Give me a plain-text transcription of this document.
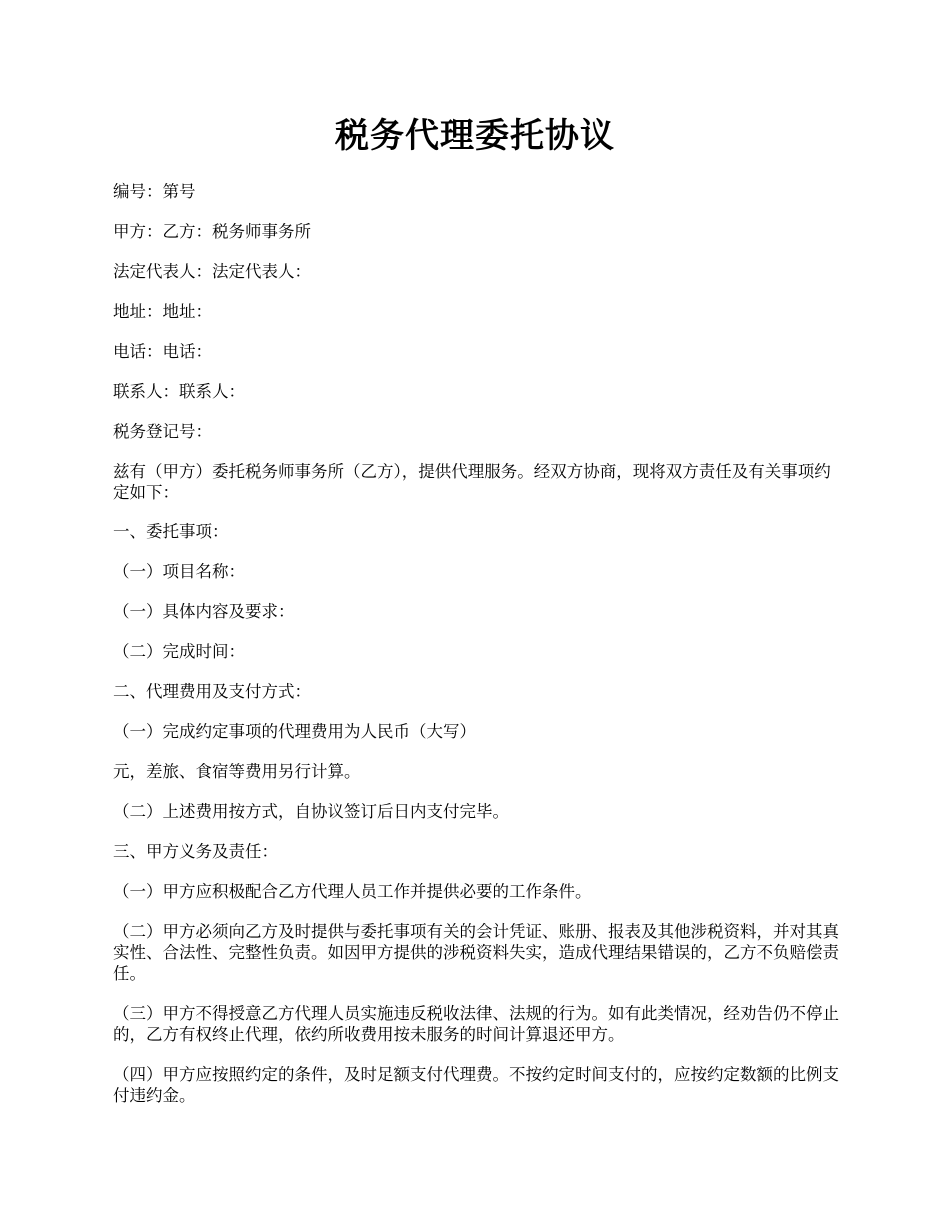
税务代理委托协议
编号：第号
甲方：乙方：税务师事务所
法定代表人：法定代表人：
地址：地址：
电话：电话：
联系人：联系人：
税务登记号：
兹有（甲方）委托税务师事务所（乙方），提供代理服务。经双方协商，现将双方责任及有关事项约定如下：
一、委托事项：
（一）项目名称：
（一）具体内容及要求：
（二）完成时间：
二、代理费用及支付方式：
（一）完成约定事项的代理费用为人民币（大写）
元，差旅、食宿等费用另行计算。
（二）上述费用按方式，自协议签订后日内支付完毕。
三、甲方义务及责任：
（一）甲方应积极配合乙方代理人员工作并提供必要的工作条件。
（二）甲方必须向乙方及时提供与委托事项有关的会计凭证、账册、报表及其他涉税资料，并对其真实性、合法性、完整性负责。如因甲方提供的涉税资料失实，造成代理结果错误的，乙方不负赔偿责任。
（三）甲方不得授意乙方代理人员实施违反税收法律、法规的行为。如有此类情况，经劝告仍不停止的，乙方有权终止代理，依约所收费用按未服务的时间计算退还甲方。
（四）甲方应按照约定的条件，及时足额支付代理费。不按约定时间支付的，应按约定数额的比例支付违约金。
